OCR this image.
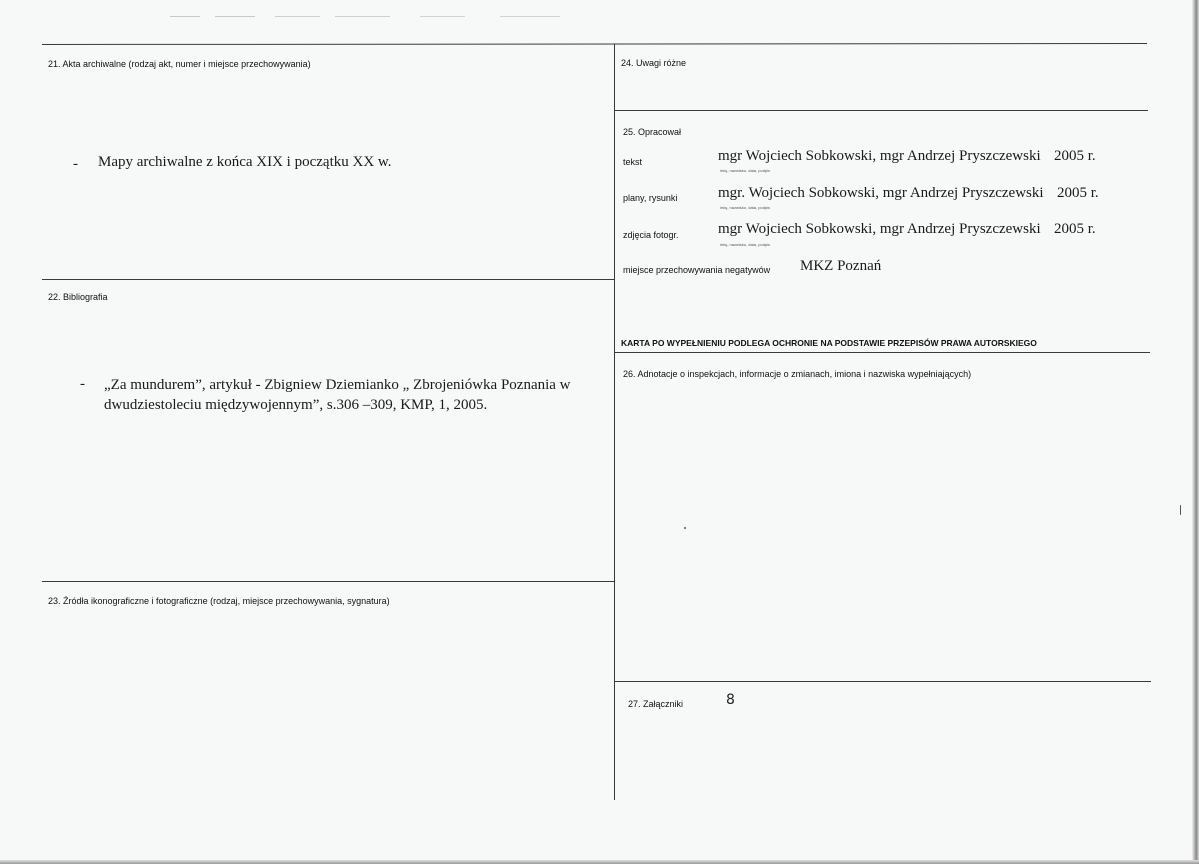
21. Akta archiwalne (rodzaj akt, numer i miejsce przechowywania)
- Mapy archiwalne z końca XIX i początku XX w.
22. Bibliografia
- „Za mundurem”, artykuł - Zbigniew Dziemianko „ Zbrojeniówka Poznania w dwudziestoleciu międzywojennym”, s.306 –309, KMP, 1, 2005.
23. Źródła ikonograficzne i fotograficzne (rodzaj, miejsce przechowywania, sygnatura)
24. Uwagi różne
25. Opracował
tekst	mgr Wojciech Sobkowski, mgr Andrzej Pryszczewski 2005 r.
imię, nazwisko, data, podpis
plany, rysunki	mgr. Wojciech Sobkowski, mgr Andrzej Pryszczewski 2005 r.
imię, nazwisko, data, podpis
zdjęcia fotogr.	mgr Wojciech Sobkowski, mgr Andrzej Pryszczewski 2005 r.
imię, nazwisko, data, podpis
miejsce przechowywania negatywów MKZ Poznań
KARTA PO WYPEŁNIENIU PODLEGA OCHRONIE NA PODSTAWIE PRZEPISÓW PRAWA AUTORSKIEGO
26. Adnotacje o inspekcjach, informacje o zmianach, imiona i nazwiska wypełniających)
27. Załączniki	8
